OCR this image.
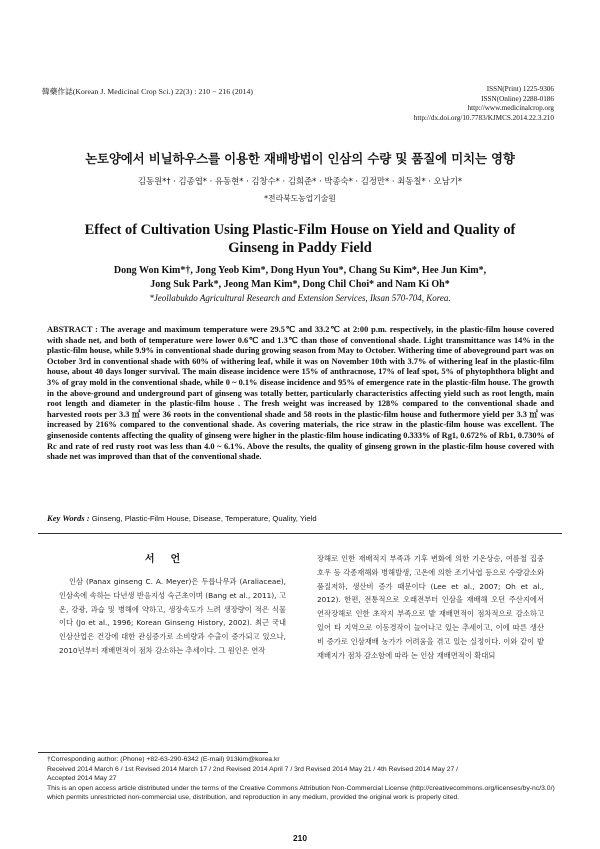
韓藥作誌(Korean J. Medicinal Crop Sci.) 22(3) : 210 − 216 (2014)	ISSN(Print) 1225-9306
ISSN(Online) 2288-0186
http://www.medicinalcrop.org
http://dx.doi.org/10.7783/KJMCS.2014.22.3.210
논토양에서 비닐하우스를 이용한 재배방법이 인삼의 수량 및 품질에 미치는 영향
김동원*† · 김종엽* · 유동현* · 김창수* · 김희준* · 박종숙* · 김정만* · 최동칠* · 오남기*
*전라북도농업기술원
Effect of Cultivation Using Plastic-Film House on Yield and Quality of Ginseng in Paddy Field
Dong Won Kim*†, Jong Yeob Kim*, Dong Hyun You*, Chang Su Kim*, Hee Jun Kim*,
Jong Suk Park*, Jeong Man Kim*, Dong Chil Choi* and Nam Ki Oh*
*Jeollabukdo Agricultural Research and Extension Services, Iksan 570-704, Korea.

ABSTRACT : The average and maximum temperature were 29.5℃ and 33.2℃ at 2:00 p.m. respectively, in the plastic-film house covered with shade net, and both of temperature were lower 0.6℃ and 1.3℃ than those of conventional shade. Light transmittance was 14% in the plastic-film house, while 9.9% in conventional shade during growing season from May to October. Withering time of aboveground part was on October 3rd in conventional shade with 60% of withering leaf, while it was on November 10th with 3.7% of withering leaf in the plastic-film house, about 40 days longer survival. The main disease incidence were 15% of anthracnose, 17% of leaf spot, 5% of phytophthora blight and 3% of gray mold in the conventional shade, while 0 ~ 0.1% disease incidence and 95% of emergence rate in the plastic-film house. The growth in the above-ground and underground part of ginseng was totally better, particularly characteristics affecting yield such as root length, main root length and diameter in the plastic-film house . The fresh weight was increased by 128% compared to the conventional shade and harvested roots per 3.3 ㎡ were 36 roots in the conventional shade and 58 roots in the plastic-film house and futhermore yield per 3.3 ㎡ was increased by 216% compared to the conventional shade. As covering materials, the rice straw in the plastic-film house was excellent. The ginsenoside contents affecting the quality of ginseng were higher in the plastic-film house indicating 0.333% of Rg1, 0.672% of Rb1, 0.730% of Rc and rate of red rusty root was less than 4.0 ~ 6.1%. Above the results, the quality of ginseng grown in the plastic-film house covered with shade net was improved than that of the conventional shade.

Key Words : Ginseng, Plastic-Film House, Disease, Temperature, Quality, Yield
서언

인삼 (Panax ginseng C. A. Meyer)은 두릅나무과 (Araliaceae), 인삼속에 속하는 다년생 반음지성 숙근초이며 (Bang et al., 2011), 고온, 강광, 과습 및 병해에 약하고, 생장속도가 느려 생장량이 적은 식물이다 (Jo et al., 1996; Korean Ginseng History, 2002). 최근 국내 인삼산업은 건강에 대한 관심증가로 소비량과 수출이 증가되고 있으나, 2010년부터 재배면적이 점차 감소하는 추세이다. 그 원인은 연작

장해로 인한 재배적지 부족과 기후 변화에 의한 기온상승, 여름철 집중호우 등 각종재해와 병해발생, 고온에 의한 조기낙엽 등으로 수량감소와 품질저하, 생산비 증가 때문이다 (Lee et al., 2007; Oh et al., 2012). 한편, 전통적으로 오래전부터 인삼을 재배해 오던 주산지에서 연작장해로 인한 초작지 부족으로 밭 재배면적이 점차적으로 감소하고 있어 타 지역으로 이동경작이 늘어나고 있는 추세이고, 이에 따른 생산비 증가로 인삼재배 농가가 어려움을 겪고 있는 실정이다. 이와 같이 밭 재배지가 점차 감소함에 따라 논 인삼 재배면적이 확대되

†Corresponding author: (Phone) +82-63-290-6342 (E-mail) 913kim@korea.kr

Received 2014 March 6 / 1st Revised 2014 March 17 / 2nd Revised 2014 April 7 / 3rd Revised 2014 May 21 / 4th Revised 2014 May 27 /

Accepted 2014 May 27

This is an open access article distributed under the terms of the Creative Commons Attribution Non-Commercial License (http://creativecommons.org/licenses/by-nc/3.0/) which permits unrestricted non-commercial use, distribution, and reproduction in any medium, provided the original work is properly cited.

210
